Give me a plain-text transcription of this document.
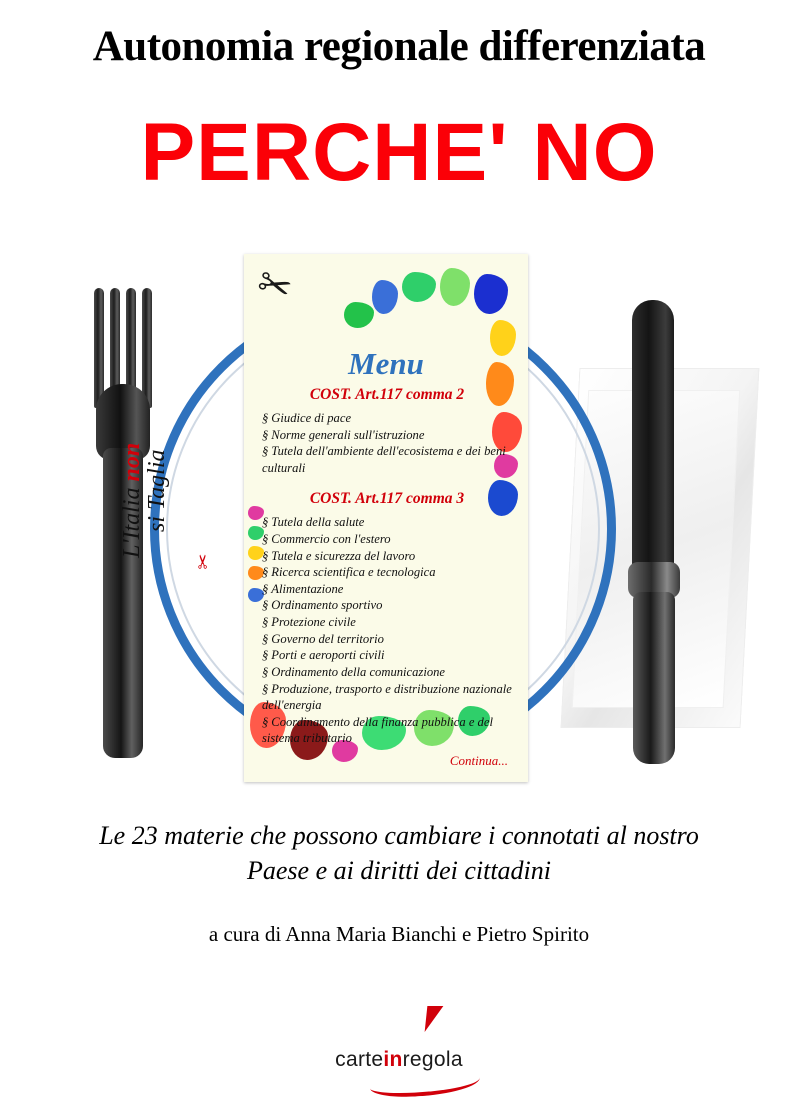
Autonomia regionale differenziata
PERCHE' NO
L'Italia non si Taglia
✂
✂
Menu
COST. Art.117 comma 2
§ Giudice di pace
§ Norme generali sull'istruzione
§ Tutela dell'ambiente dell'ecosistema e dei beni culturali
COST. Art.117 comma 3
§ Tutela della salute
§ Commercio con l'estero
§ Tutela e sicurezza del lavoro
§ Ricerca scientifica e tecnologica
§ Alimentazione
§ Ordinamento sportivo
§ Protezione civile
§ Governo del territorio
§ Porti e aeroporti civili
§ Ordinamento della comunicazione
§ Produzione, trasporto e distribuzione nazionale dell'energia
§ Coordinamento della finanza pubblica e del sistema tributario
Continua...
Le 23 materie che possono cambiare i connotati al nostro
Paese e ai diritti dei cittadini
a cura di Anna Maria Bianchi e Pietro Spirito
carteinregola
